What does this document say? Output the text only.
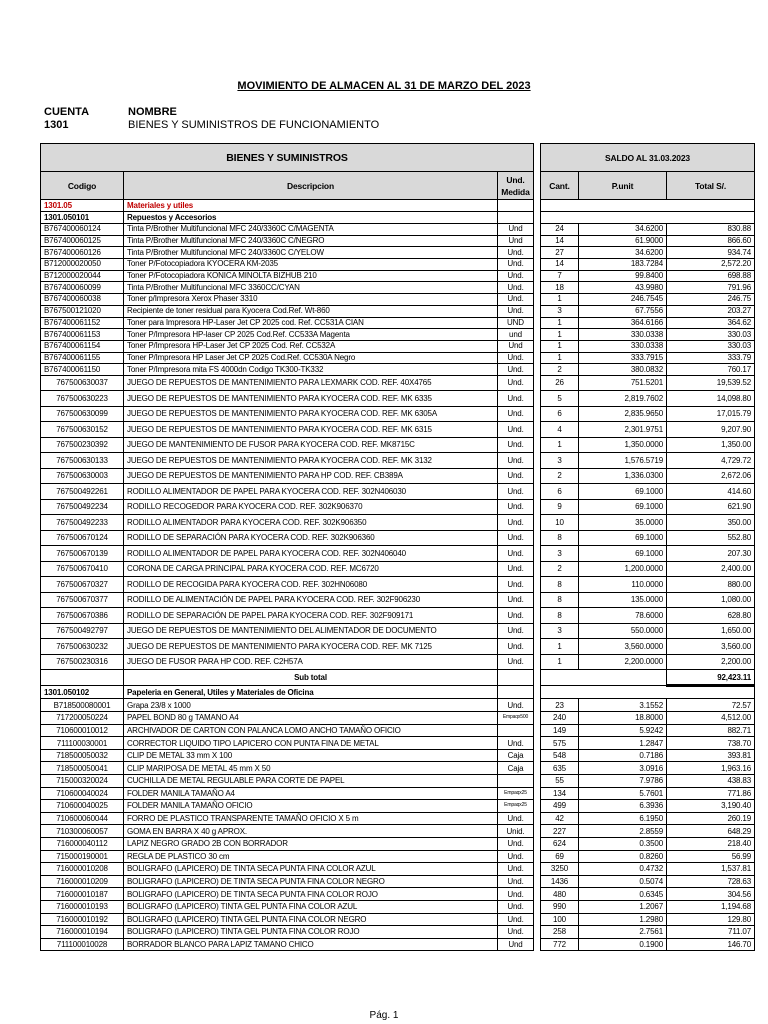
MOVIMIENTO DE ALMACEN AL 31 DE MARZO DEL 2023
CUENTA	NOMBRE
1301	BIENES Y SUMINISTROS DE FUNCIONAMIENTO
BIENES Y SUMINISTROS				SALDO AL 31.03.2023		
Codigo	Descripcion	Und. Medida		Cant.	P.unit	Total S/.
1301.05	Materiales y utiles					
1301.050101	Repuestos y Accesorios					
B767400060124	Tinta P/Brother Multifuncional MFC 240/3360C C/MAGENTA	Und		24	34.6200	830.88
B767400060125	Tinta P/Brother Multifuncional MFC 240/3360C C/NEGRO	Und		14	61.9000	866.60
B767400060126	Tinta P/Brother Multifuncional MFC 240/3360C C/YELOW	Und.		27	34.6200	934.74
B712000020050	Toner P/Fotocopiadora KYOCERA KM-2035	Und.		14	183.7284	2,572.20
B712000020044	Toner P/Fotocopiadora KONICA MINOLTA BIZHUB 210	Und.		7	99.8400	698.88
B767400060099	Tinta P/Brother Multifuncional MFC 3360CC/CYAN	Und.		18	43.9980	791.96
B767400060038	Toner p/Impresora Xerox Phaser 3310	Und.		1	246.7545	246.75
B767500121020	Recipiente de toner residual para Kyocera Cod.Ref. Wt-860	Und.		3	67.7556	203.27
B767400061152	Toner para Impresora HP-Laser Jet CP 2025 cod. Ref. CC531A CIAN	UND		1	364.6166	364.62
B767400061153	Toner P/Impresora HP-laser CP 2025 Cod.Ref. CC533A Magenta	und		1	330.0338	330.03
B767400061154	Toner P/Impresora HP-Laser Jet CP 2025 Cod. Ref. CC532A	Und		1	330.0338	330.03
B767400061155	Toner P/Impresora HP Laser Jet CP 2025 Cod.Ref. CC530A Negro	Und.		1	333.7915	333.79
B767400061150	Toner P/Impresora mita FS 4000dn Codigo TK300-TK332	Und.		2	380.0832	760.17
767500630037	JUEGO DE REPUESTOS DE MANTENIMIENTO PARA LEXMARK COD. REF. 40X4765	Und.		26	751.5201	19,539.52
767500630223	JUEGO DE REPUESTOS DE MANTENIMIENTO PARA KYOCERA COD. REF. MK 6335	Und.		5	2,819.7602	14,098.80
767500630099	JUEGO DE REPUESTOS DE MANTENIMIENTO PARA KYOCERA COD. REF. MK 6305A	Und.		6	2,835.9650	17,015.79
767500630152	JUEGO DE REPUESTOS DE MANTENIMIENTO PARA KYOCERA COD. REF. MK 6315	Und.		4	2,301.9751	9,207.90
767500230392	JUEGO DE MANTENIMIENTO DE FUSOR PARA KYOCERA COD. REF. MK8715C	Und.		1	1,350.0000	1,350.00
767500630133	JUEGO DE REPUESTOS DE MANTENIMIENTO PARA KYOCERA COD. REF. MK 3132	Und.		3	1,576.5719	4,729.72
767500630003	JUEGO DE REPUESTOS DE MANTENIMIENTO PARA HP COD. REF. CB389A	Und.		2	1,336.0300	2,672.06
767500492261	RODILLO ALIMENTADOR DE PAPEL PARA KYOCERA COD. REF. 302N406030	Und.		6	69.1000	414.60
767500492234	RODILLO RECOGEDOR PARA KYOCERA COD. REF. 302K906370	Und.		9	69.1000	621.90
767500492233	RODILLO ALIMENTADOR PARA KYOCERA COD. REF. 302K906350	Und.		10	35.0000	350.00
767500670124	RODILLO DE SEPARACIÓN PARA KYOCERA COD. REF. 302K906360	Und.		8	69.1000	552.80
767500670139	RODILLO ALIMENTADOR DE PAPEL PARA KYOCERA COD. REF. 302N406040	Und.		3	69.1000	207.30
767500670410	CORONA DE CARGA PRINCIPAL PARA KYOCERA COD. REF. MC6720	Und.		2	1,200.0000	2,400.00
767500670327	RODILLO DE RECOGIDA PARA KYOCERA COD. REF. 302HN06080	Und.		8	110.0000	880.00
767500670377	RODILLO DE ALIMENTACIÓN DE PAPEL PARA KYOCERA COD. REF. 302F906230	Und.		8	135.0000	1,080.00
767500670386	RODILLO DE SEPARACIÓN DE PAPEL PARA KYOCERA COD. REF. 302F909171	Und.		8	78.6000	628.80
767500492797	JUEGO DE REPUESTOS DE MANTENIMIENTO DEL ALIMENTADOR DE DOCUMENTO	Und.		3	550.0000	1,650.00
767500630232	JUEGO DE REPUESTOS DE MANTENIMIENTO PARA KYOCERA COD. REF. MK 7125	Und.		1	3,560.0000	3,560.00
767500230316	JUEGO DE FUSOR PARA HP COD. REF. C2H57A	Und.		1	2,200.0000	2,200.00
	Sub total					92,423.11
1301.050102	Papeleria en General, Utiles y Materiales de Oficina					
B718500080001	Grapa 23/8 x 1000	Und.		23	3.1552	72.57
717200050224	PAPEL BOND 80 g TAMANO A4	Empaqx500		240	18.8000	4,512.00
710600010012	ARCHIVADOR DE CARTON CON PALANCA LOMO ANCHO TAMAÑO OFICIO			149	5.9242	882.71
711100030001	CORRECTOR LIQUIDO TIPO LAPICERO CON PUNTA FINA DE METAL	Und.		575	1.2847	738.70
718500050032	CLIP DE METAL 33 mm X 100	Caja		548	0.7186	393.81
718500050041	CLIP MARIPOSA DE METAL 45 mm X 50	Caja		635	3.0916	1,963.16
715000320024	CUCHILLA DE METAL REGULABLE PARA CORTE DE PAPEL			55	7.9786	438.83
710600040024	FOLDER MANILA TAMAÑO A4	Empaqx25		134	5.7601	771.86
710600040025	FOLDER MANILA TAMAÑO OFICIO	Empaqx25		499	6.3936	3,190.40
710600060044	FORRO DE PLASTICO TRANSPARENTE TAMAÑO OFICIO X 5 m	Und.		42	6.1950	260.19
710300060057	GOMA EN BARRA X 40 g APROX.	Unid.		227	2.8559	648.29
716000040112	LAPIZ NEGRO GRADO 2B CON BORRADOR	Und.		624	0.3500	218.40
715000190001	REGLA DE PLASTICO 30 cm	Und.		69	0.8260	56.99
716000010208	BOLIGRAFO (LAPICERO) DE TINTA SECA PUNTA FINA COLOR AZUL	Und.		3250	0.4732	1,537.81
716000010209	BOLIGRAFO (LAPICERO) DE TINTA SECA PUNTA FINA COLOR NEGRO	Und.		1436	0.5074	728.63
716000010187	BOLIGRAFO (LAPICERO) DE TINTA SECA PUNTA FINA COLOR ROJO	Und.		480	0.6345	304.56
716000010193	BOLIGRAFO (LAPICERO) TINTA GEL PUNTA FINA COLOR AZUL	Und.		990	1.2067	1,194.68
716000010192	BOLIGRAFO (LAPICERO) TINTA GEL PUNTA FINA COLOR NEGRO	Und.		100	1.2980	129.80
716000010194	BOLIGRAFO (LAPICERO) TINTA GEL PUNTA FINA COLOR ROJO	Und.		258	2.7561	711.07
711100010028	BORRADOR BLANCO PARA LAPIZ TAMANO CHICO	Und		772	0.1900	146.70
Pág. 1
